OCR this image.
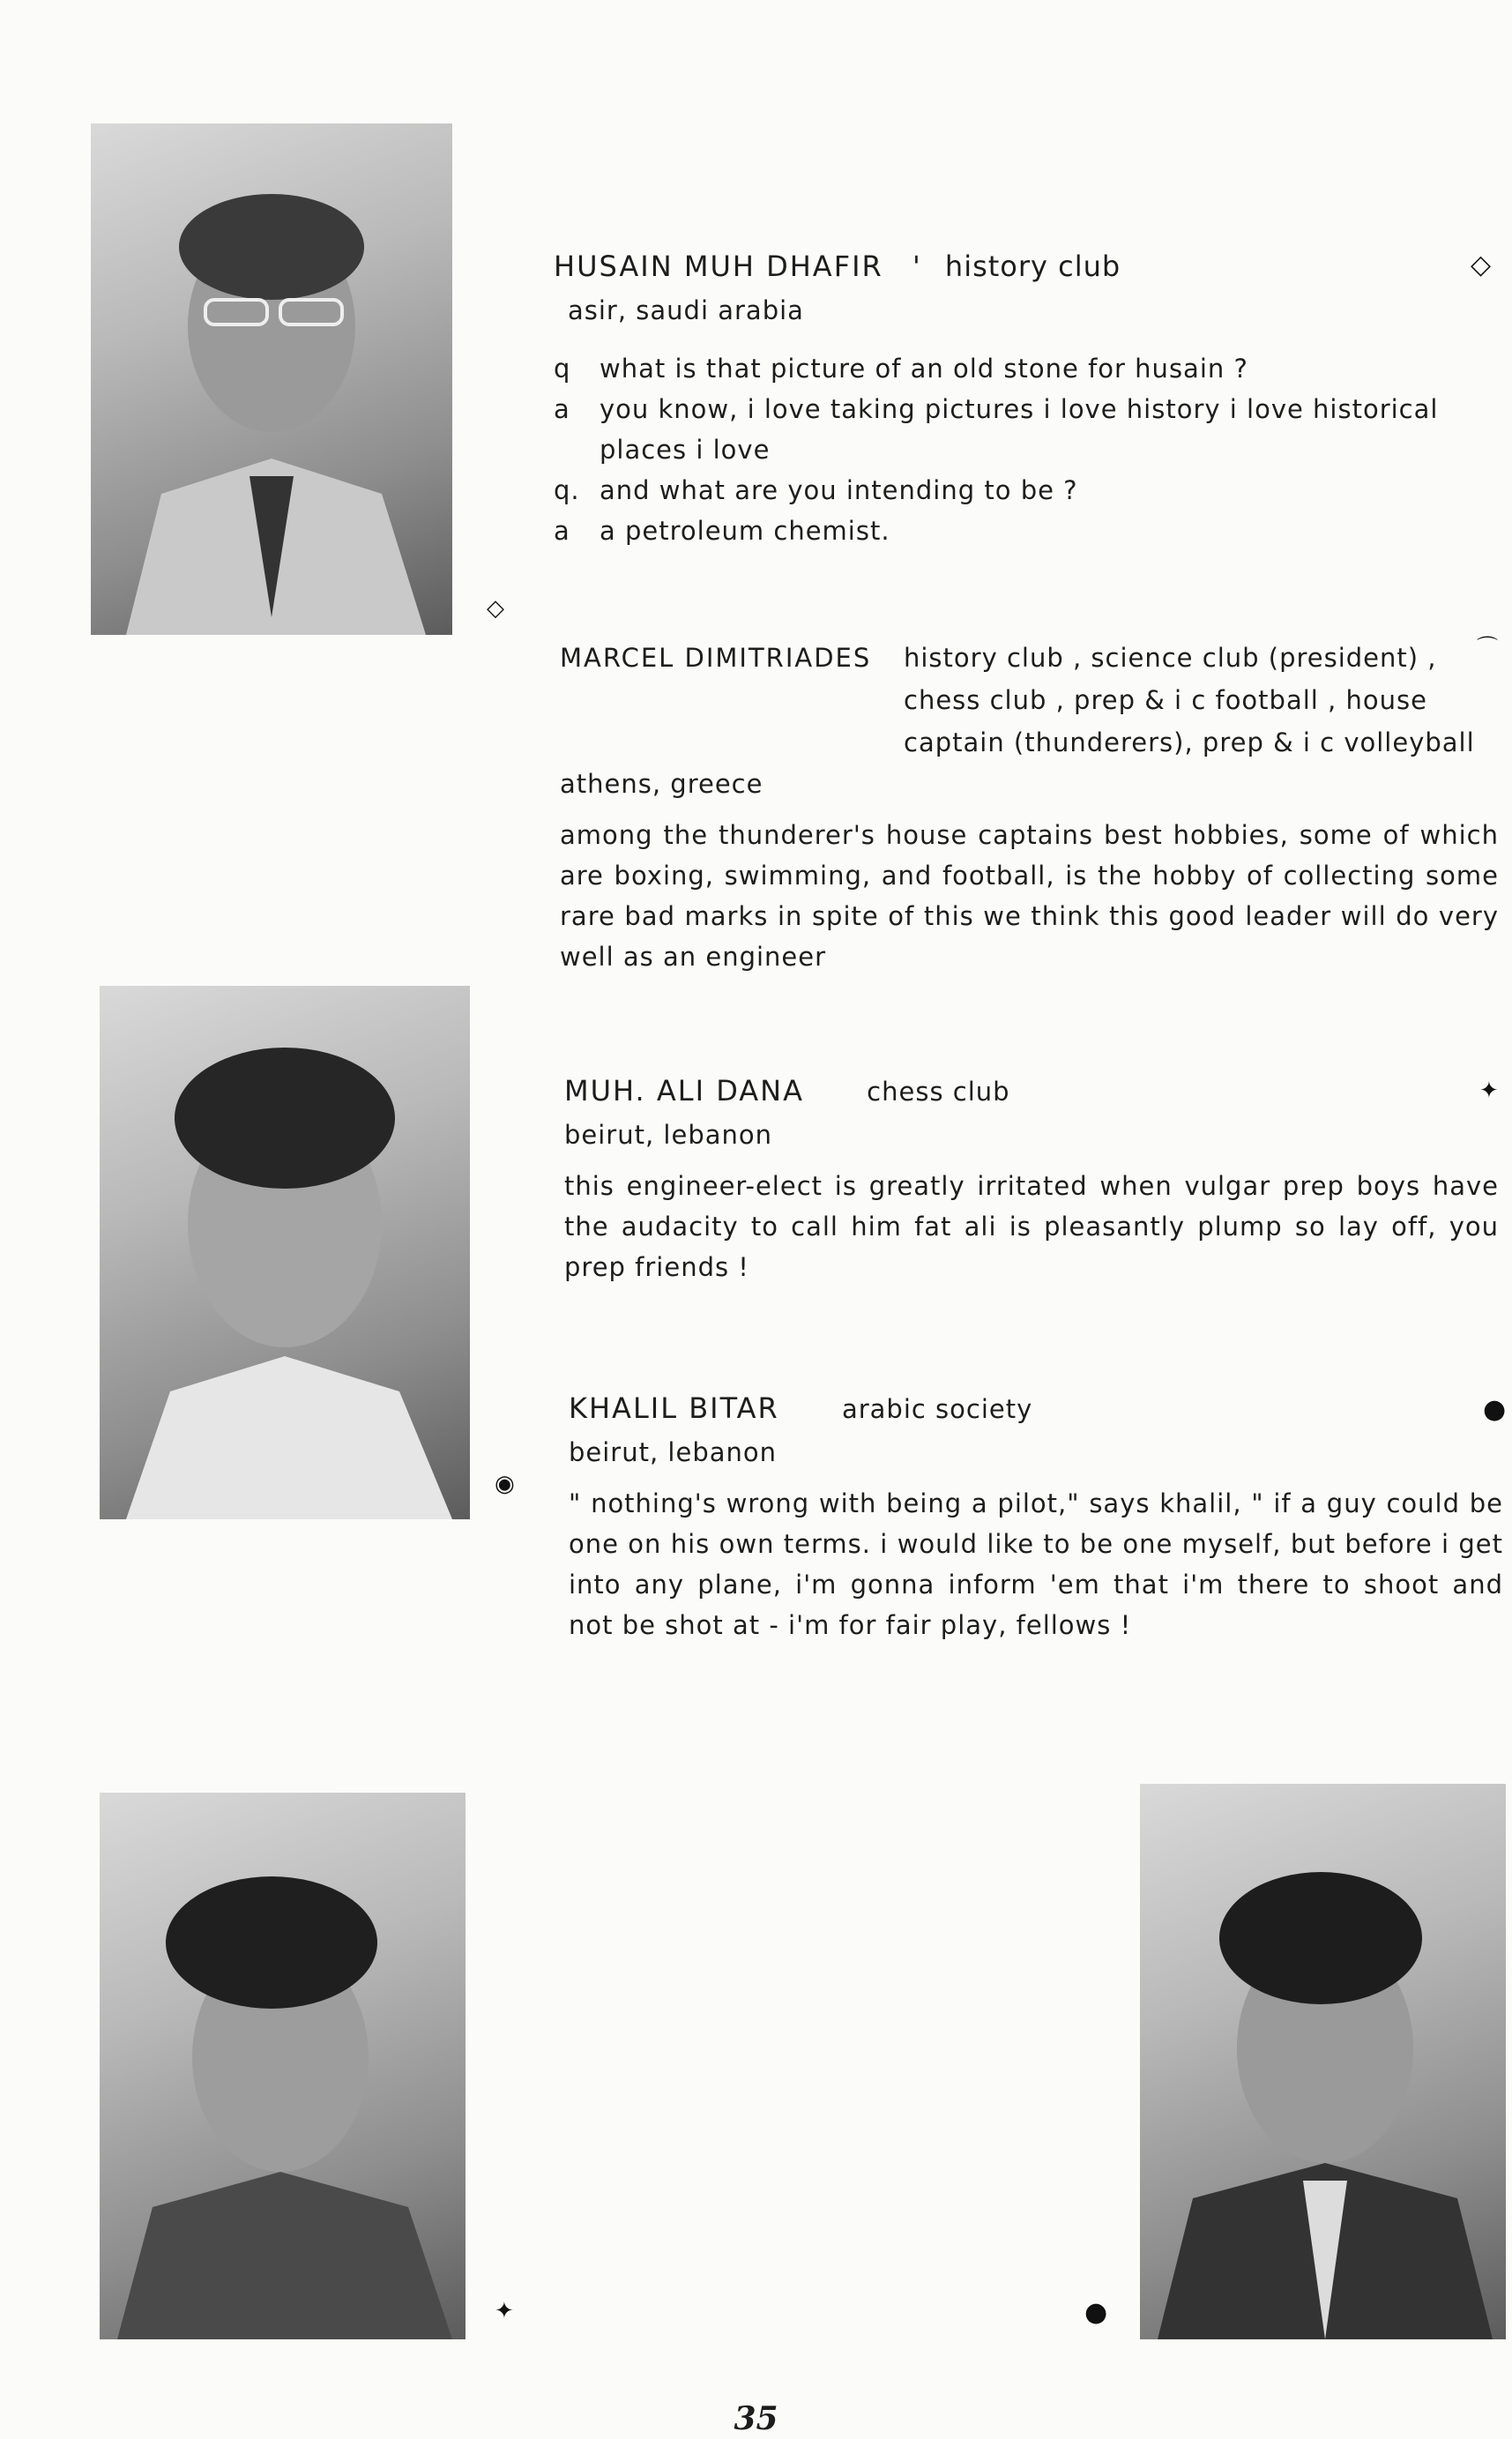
HUSAIN MUH DHAFIR ' history club
asir, saudi arabia
q	what is that picture of an old stone for husain ?
a	you know, i love taking pictures i love history i love historical places i love
q. and what are you intending to be ?
a	a petroleum chemist.
MARCEL DIMITRIADES history club , science club (president) , chess club , prep & i c football , house captain (thunderers), prep & i c volleyball
athens, greece
among the thunderer's house captains best hobbies, some of which are boxing, swimming, and football, is the hobby of collecting some rare bad marks in spite of this we think this good leader will do very well as an engineer
MUH. ALI DANA chess club
beirut, lebanon
this engineer-elect is greatly irritated when vulgar prep boys have the audacity to call him fat ali is pleasantly plump so lay off, you prep friends !
KHALIL BITAR arabic society
beirut, lebanon
" nothing's wrong with being a pilot," says khalil, " if a guy could be one on his own terms. i would like to be one myself, but before i get into any plane, i'm gonna inform 'em that i'm there to shoot and not be shot at - i'm for fair play, fellows !
◇
◇
⌒
✦
●
◉
✦	●
35
